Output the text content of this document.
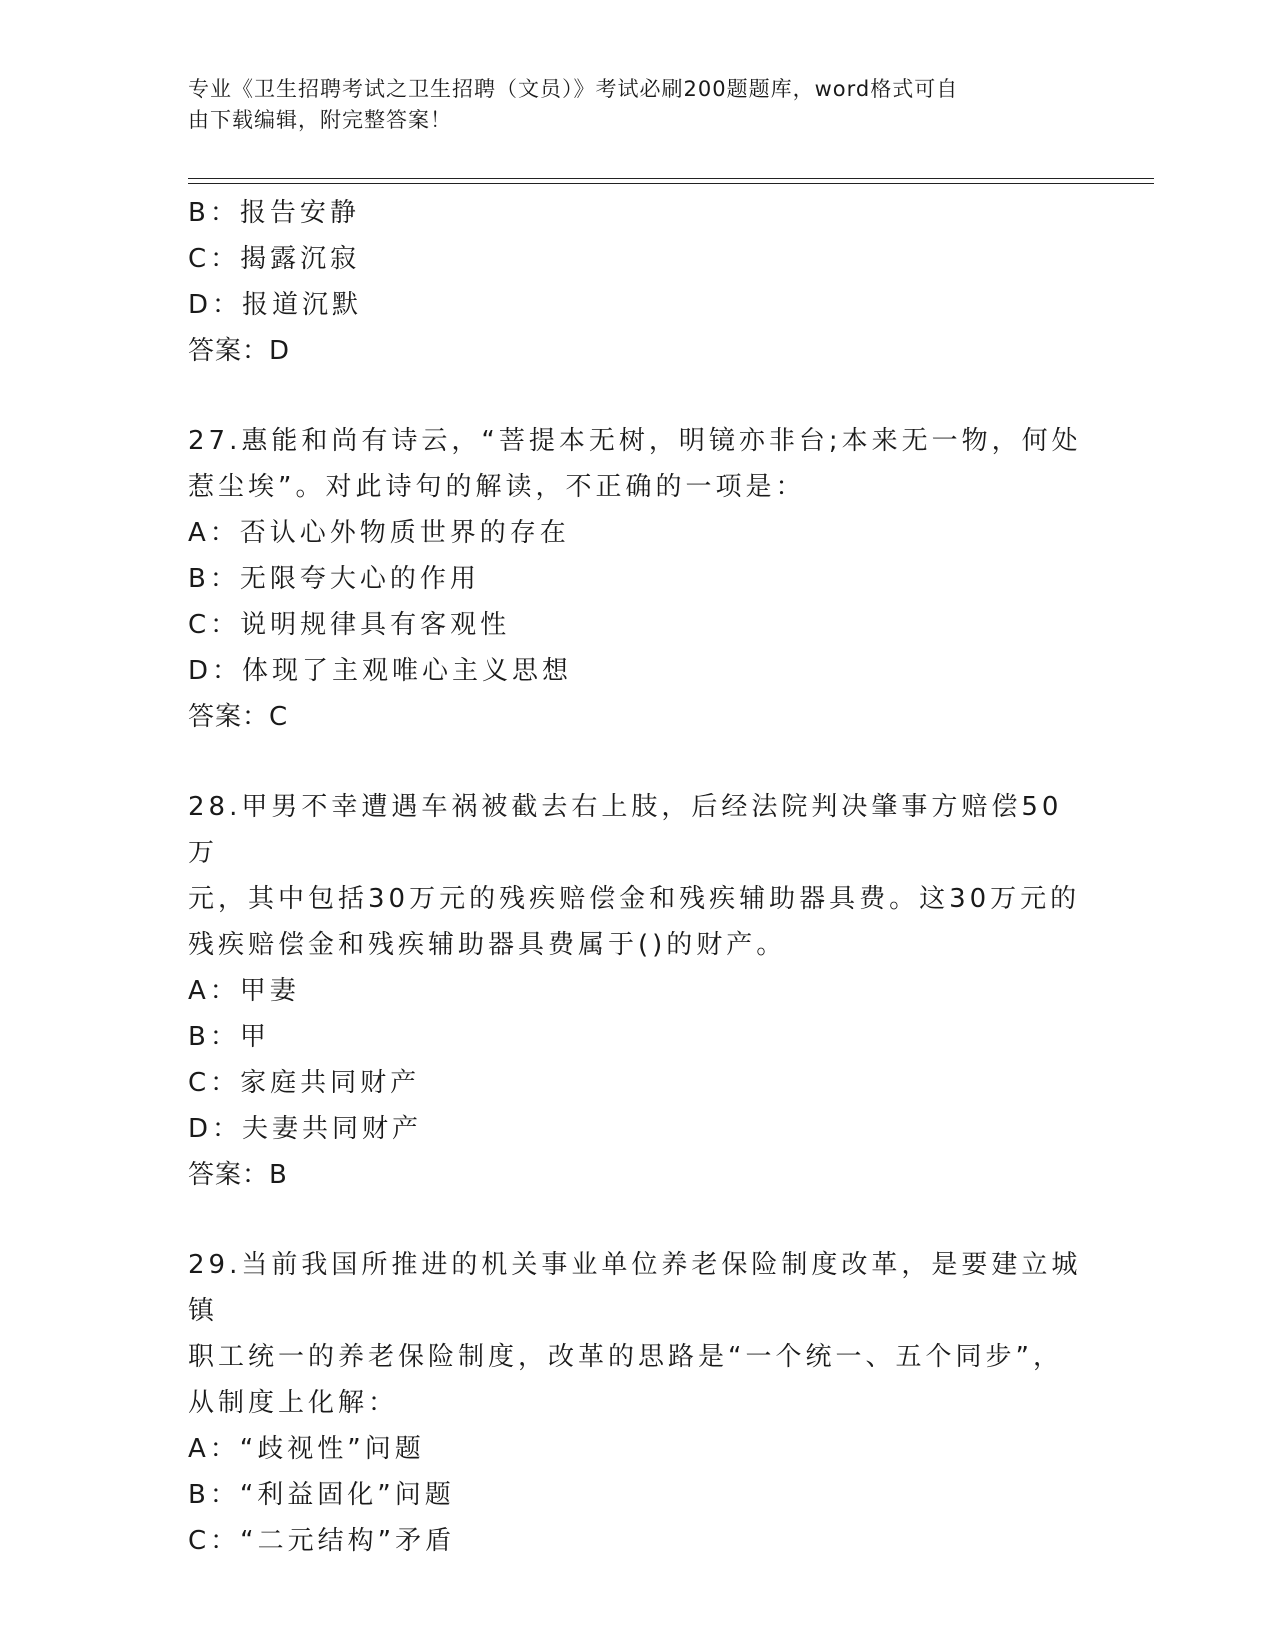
专业《卫生招聘考试之卫生招聘（文员）》考试必刷200题题库，word格式可自
由下载编辑，附完整答案！
B：报告安静
C：揭露沉寂
D：报道沉默
答案：D
27.惠能和尚有诗云，“菩提本无树，明镜亦非台;本来无一物，何处
惹尘埃”。对此诗句的解读，不正确的一项是：
A：否认心外物质世界的存在
B：无限夸大心的作用
C：说明规律具有客观性
D：体现了主观唯心主义思想
答案：C
28.甲男不幸遭遇车祸被截去右上肢，后经法院判决肇事方赔偿50万
元，其中包括30万元的残疾赔偿金和残疾辅助器具费。这30万元的
残疾赔偿金和残疾辅助器具费属于()的财产。
A：甲妻
B：甲
C：家庭共同财产
D：夫妻共同财产
答案：B
29.当前我国所推进的机关事业单位养老保险制度改革，是要建立城镇
职工统一的养老保险制度，改革的思路是“一个统一、五个同步”，
从制度上化解：
A：“歧视性”问题
B：“利益固化”问题
C：“二元结构”矛盾
